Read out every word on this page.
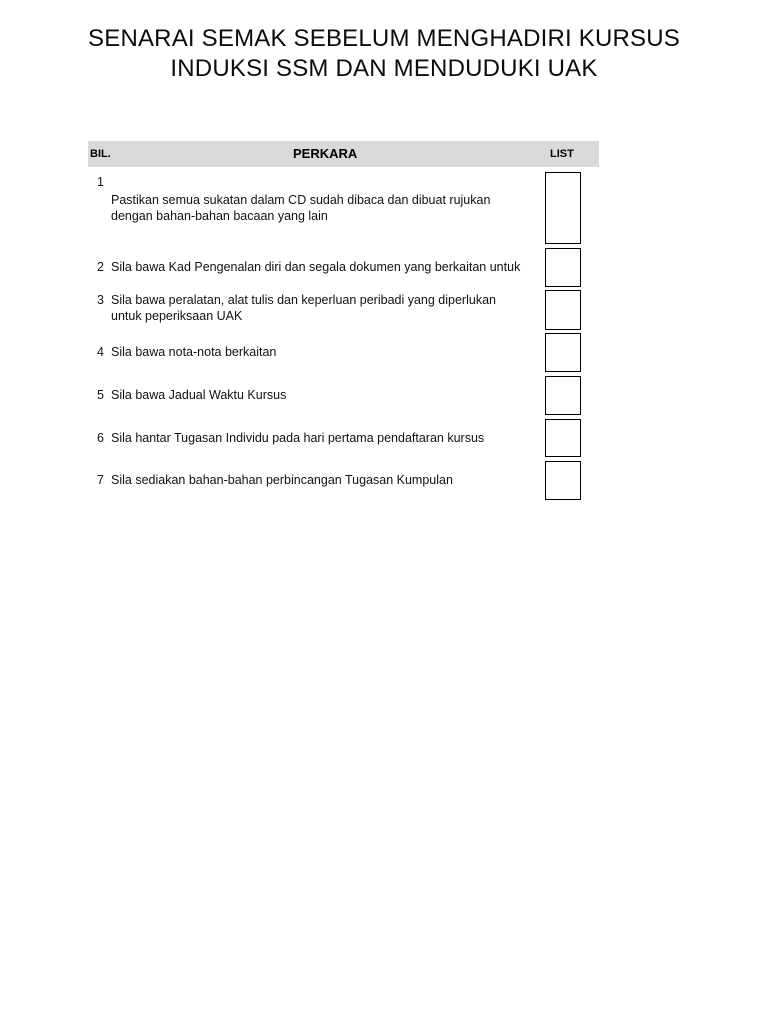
SENARAI SEMAK SEBELUM MENGHADIRI KURSUS
INDUKSI SSM DAN MENDUDUKI UAK
BIL.	PERKARA	LIST
1
Pastikan semua sukatan dalam CD sudah dibaca dan dibuat rujukan
dengan bahan-bahan bacaan yang lain
2 Sila bawa Kad Pengenalan diri dan segala dokumen yang berkaitan untuk
3 Sila bawa peralatan, alat tulis dan keperluan peribadi yang diperlukan
untuk peperiksaan UAK
4 Sila bawa nota-nota berkaitan
5 Sila bawa Jadual Waktu Kursus
6 Sila hantar Tugasan Individu pada hari pertama pendaftaran kursus
7 Sila sediakan bahan-bahan perbincangan Tugasan Kumpulan
